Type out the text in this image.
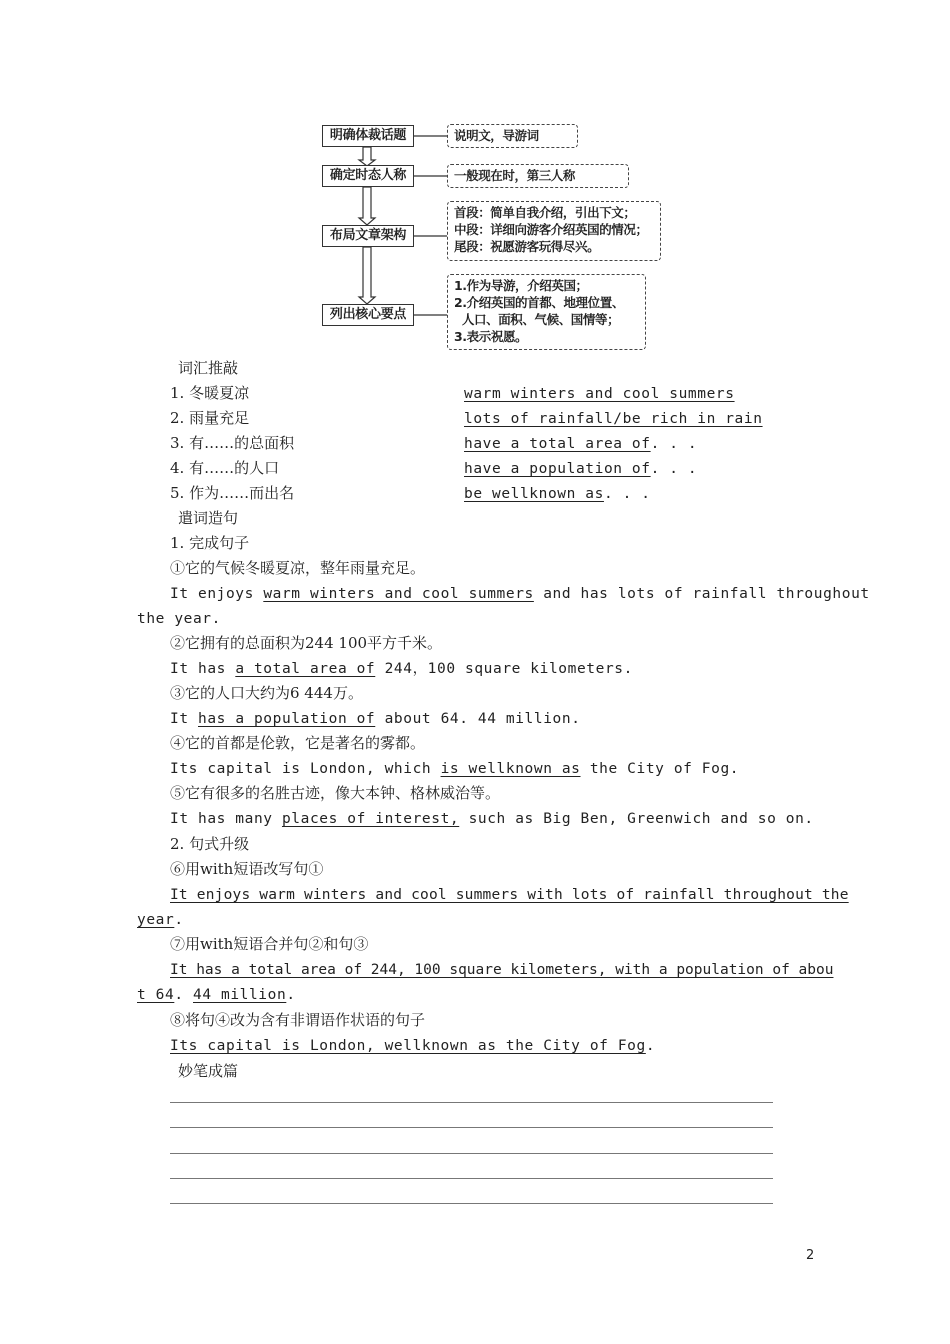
明确体裁话题
确定时态人称
布局文章架构
列出核心要点
说明文，导游词
一般现在时，第三人称
首段：简单自我介绍，引出下文；
中段：详细向游客介绍英国的情况；
尾段：祝愿游客玩得尽兴。
1.作为导游，介绍英国；
2.介绍英国的首都、地理位置、
人口、面积、气候、国情等；
3.表示祝愿。
词汇推敲
1. 冬暖夏凉	warm winters and cool summers
2. 雨量充足	lots of rainfall/be rich in rain
3. 有……的总面积	have a total area of. . .
4. 有……的人口	have a population of. . .
5. 作为……而出名	be wellknown as. . .
遣词造句
1. 完成句子
①它的气候冬暖夏凉，整年雨量充足。
It enjoys warm winters and cool summers and has lots of rainfall throughout
the year.
②它拥有的总面积为244 100平方千米。
It has a total area of 244，100 square kilometers.
③它的人口大约为6 444万。
It has a population of about 64. 44 million.
④它的首都是伦敦，它是著名的雾都。
Its capital is London, which is wellknown as the City of Fog.
⑤它有很多的名胜古迹，像大本钟、格林威治等。
It has many places of interest, such as Big Ben, Greenwich and so on.
2. 句式升级
⑥用with短语改写句①
It enjoys warm winters and cool summers with lots of rainfall throughout the
year.
⑦用with短语合并句②和句③
It has a total area of 244, 100 square kilometers, with a population of abou
t 64. 44 million.
⑧将句④改为含有非谓语作状语的句子
Its capital is London, wellknown as the City of Fog.
妙笔成篇
2
